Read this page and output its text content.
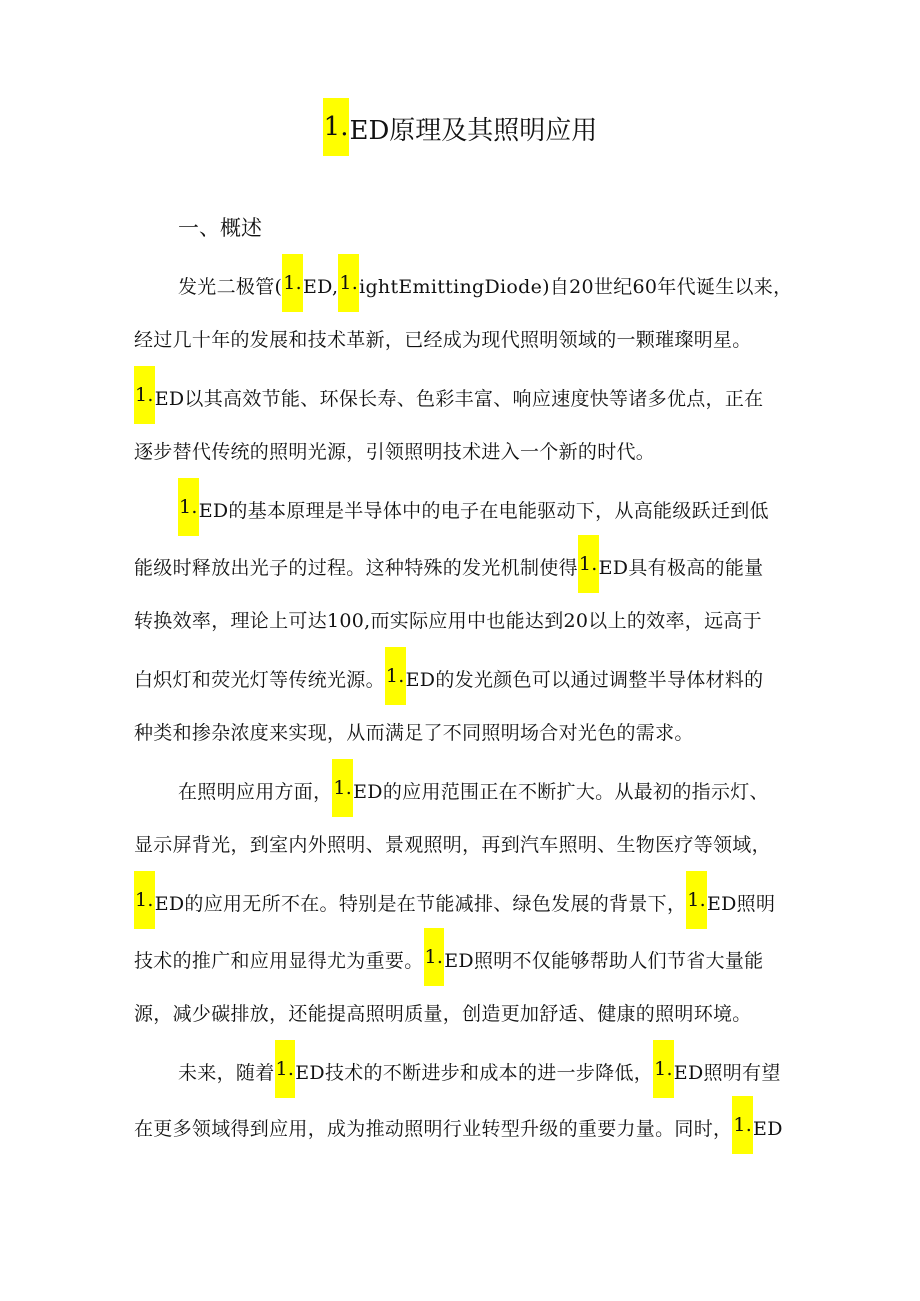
1.ED原理及其照明应用
一、概述
发光二极管(1.ED,1.ightEmittingDiode)自20世纪60年代诞生以来，
经过几十年的发展和技术革新，已经成为现代照明领域的一颗璀璨明星。
1.ED以其高效节能、环保长寿、色彩丰富、响应速度快等诸多优点，正在
逐步替代传统的照明光源，引领照明技术进入一个新的时代。
1.ED的基本原理是半导体中的电子在电能驱动下，从高能级跃迁到低
能级时释放出光子的过程。这种特殊的发光机制使得1.ED具有极高的能量
转换效率，理论上可达100,而实际应用中也能达到20以上的效率，远高于
白炽灯和荧光灯等传统光源。1.ED的发光颜色可以通过调整半导体材料的
种类和掺杂浓度来实现，从而满足了不同照明场合对光色的需求。
在照明应用方面，1.ED的应用范围正在不断扩大。从最初的指示灯、
显示屏背光，到室内外照明、景观照明，再到汽车照明、生物医疗等领域，
1.ED的应用无所不在。特别是在节能减排、绿色发展的背景下，1.ED照明
技术的推广和应用显得尤为重要。1.ED照明不仅能够帮助人们节省大量能
源，减少碳排放，还能提高照明质量，创造更加舒适、健康的照明环境。
未来，随着1.ED技术的不断进步和成本的进一步降低，1.ED照明有望
在更多领域得到应用，成为推动照明行业转型升级的重要力量。同时，1.ED
